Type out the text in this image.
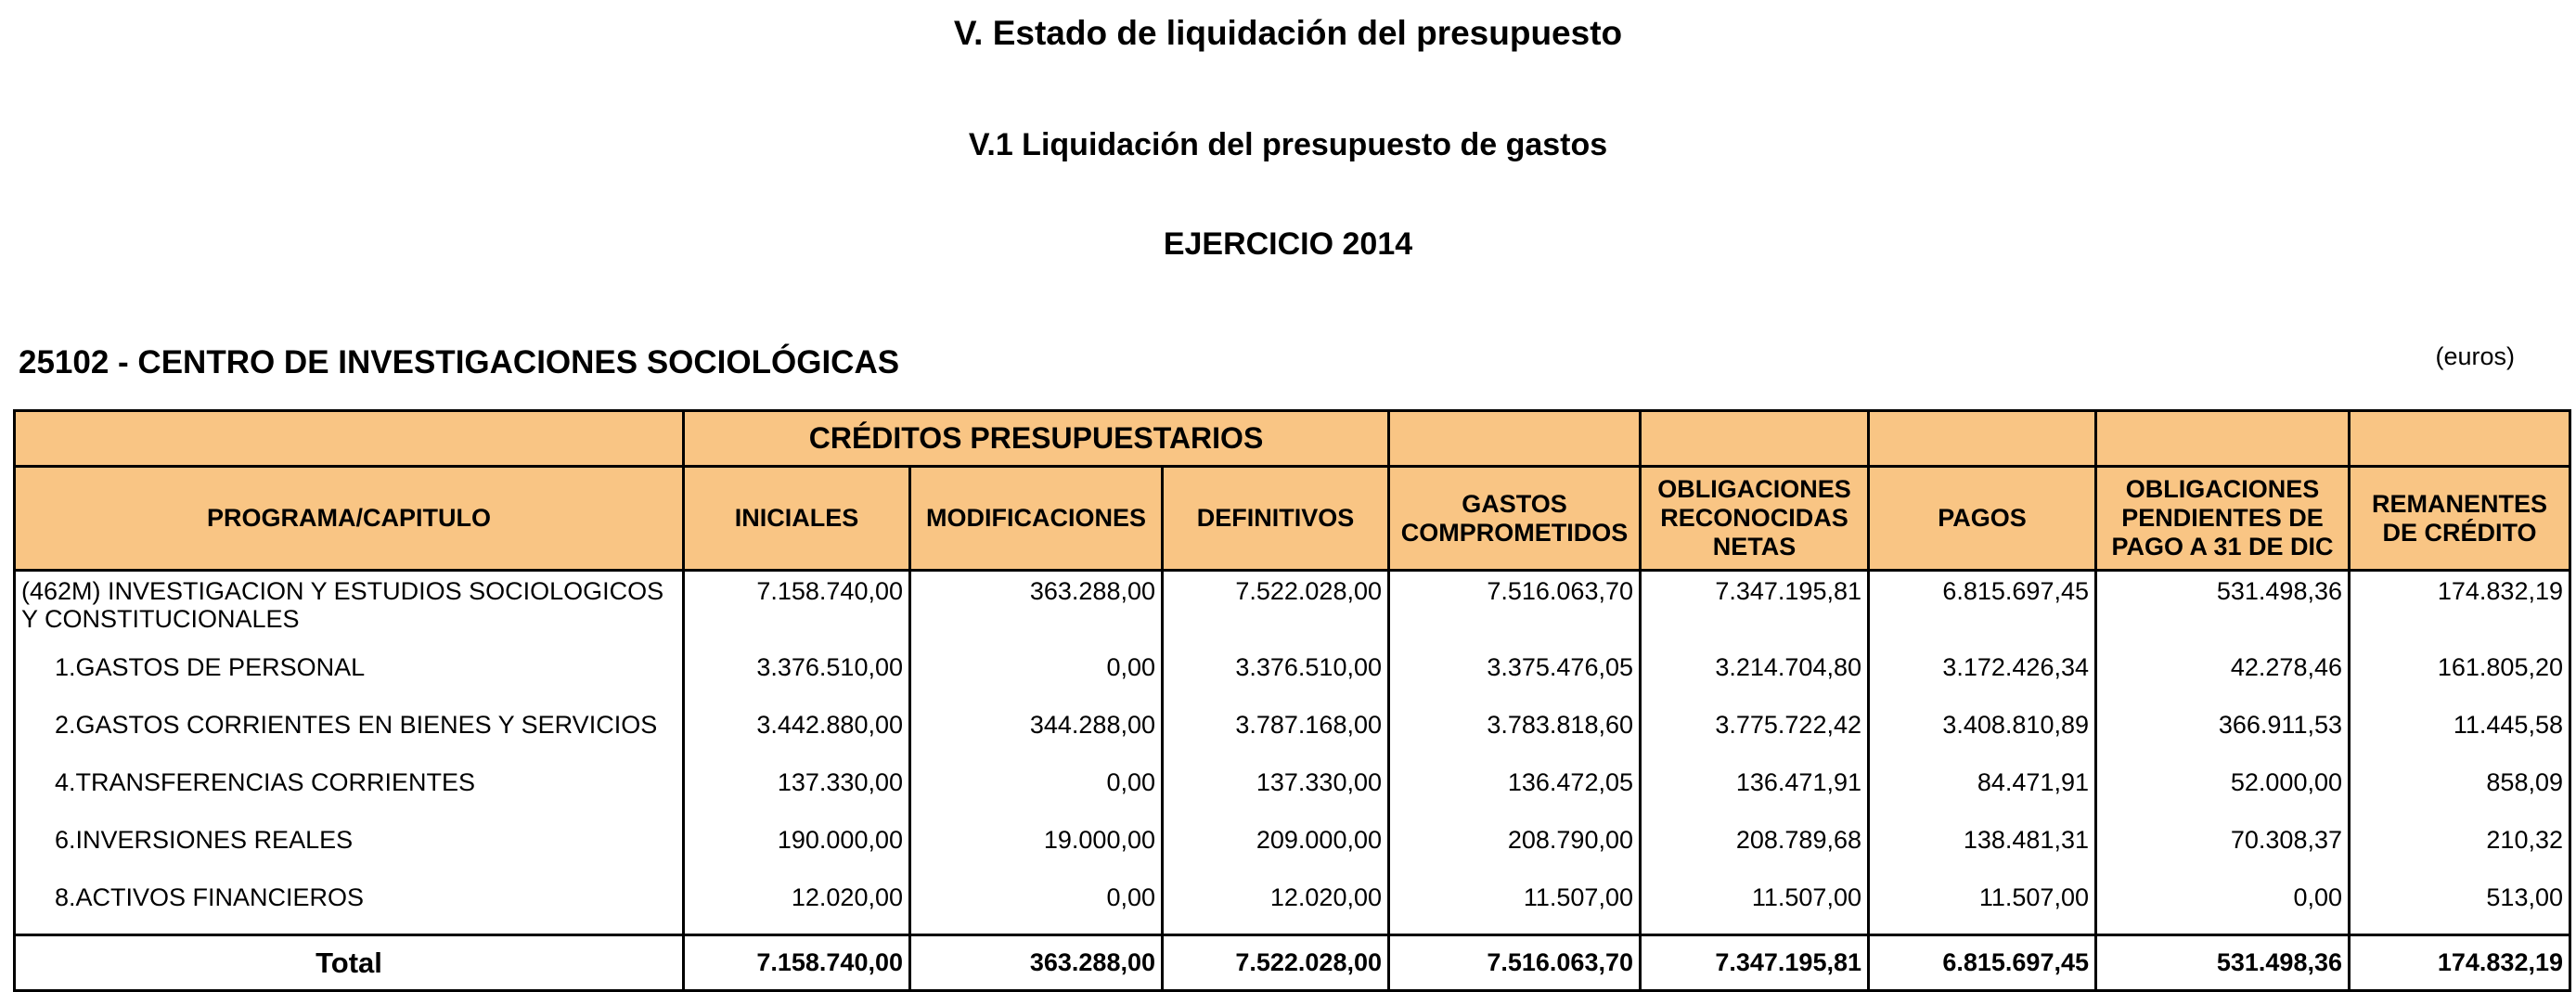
V. Estado de liquidación del presupuesto
V.1 Liquidación del presupuesto de gastos
EJERCICIO 2014
25102 - CENTRO DE INVESTIGACIONES SOCIOLÓGICAS	(euros)
	CRÉDITOS PRESUPUESTARIOS							
PROGRAMA/CAPITULO	INICIALES	MODIFICACIONES	DEFINITIVOS	GASTOS COMPROMETIDOS	OBLIGACIONES RECONOCIDAS NETAS	PAGOS	OBLIGACIONES PENDIENTES DE PAGO A 31 DE DIC	REMANENTES DE CRÉDITO
(462M) INVESTIGACION Y ESTUDIOS SOCIOLOGICOS Y CONSTITUCIONALES	7.158.740,00	363.288,00	7.522.028,00	7.516.063,70	7.347.195,81	6.815.697,45	531.498,36	174.832,19
1.GASTOS DE PERSONAL	3.376.510,00	0,00	3.376.510,00	3.375.476,05	3.214.704,80	3.172.426,34	42.278,46	161.805,20
2.GASTOS CORRIENTES EN BIENES Y SERVICIOS	3.442.880,00	344.288,00	3.787.168,00	3.783.818,60	3.775.722,42	3.408.810,89	366.911,53	11.445,58
4.TRANSFERENCIAS CORRIENTES	137.330,00	0,00	137.330,00	136.472,05	136.471,91	84.471,91	52.000,00	858,09
6.INVERSIONES REALES	190.000,00	19.000,00	209.000,00	208.790,00	208.789,68	138.481,31	70.308,37	210,32
8.ACTIVOS FINANCIEROS	12.020,00	0,00	12.020,00	11.507,00	11.507,00	11.507,00	0,00	513,00
Total	7.158.740,00	363.288,00	7.522.028,00	7.516.063,70	7.347.195,81	6.815.697,45	531.498,36	174.832,19
